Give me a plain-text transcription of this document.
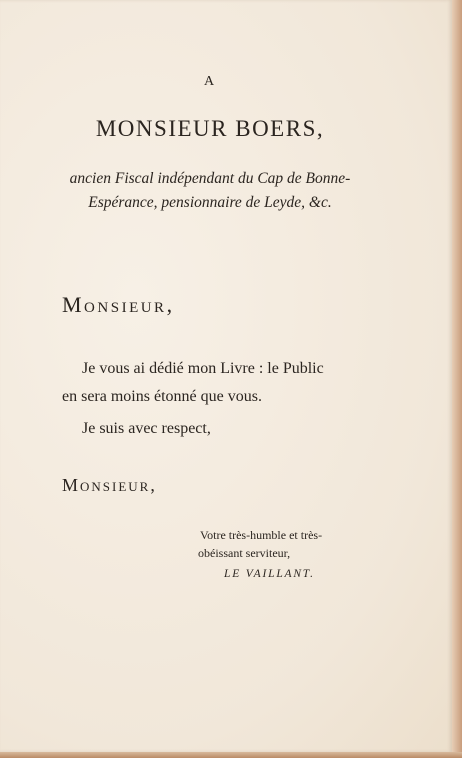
A
MONSIEUR BOERS,
ancien Fiscal indépendant du Cap de Bonne-
Espérance, pensionnaire de Leyde, &c.
Monsieur,
Je vous ai dédié mon Livre : le Public
en sera moins étonné que vous.
Je suis avec respect,
Monsieur,
Votre très-humble et très-
obéissant serviteur,
LE VAILLANT.
